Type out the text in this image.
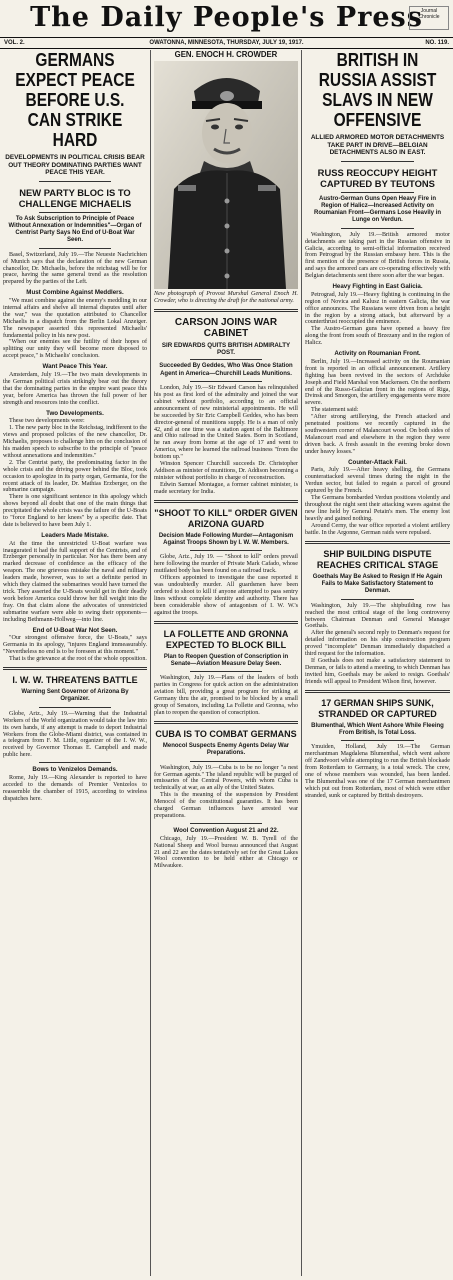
The Daily People's Press
Journal Chronicle
VOL. 2.	OWATONNA, MINNESOTA, THURSDAY, JULY 19, 1917.	NO. 119.
GERMANS EXPECT PEACE BEFORE U.S. CAN STRIKE HARD
DEVELOPMENTS IN POLITICAL CRISIS BEAR OUT THEORY DOMINATING PARTIES WANT PEACE THIS YEAR.
NEW PARTY BLOC IS TO CHALLENGE MICHAELIS
To Ask Subscription to Principle of Peace Without Annexation or Indemnities"—Organ of Centrist Party Says No End of U-Boat War Seen.

Basel, Switzerland, July 19.—The Neueste Nachrichten of Munich says that the declaration of the new German chancellor, Dr. Michaelis, before the reichstag will be for peace, having the same general trend as the resolution prepared by the parties of the Left.

Must Combine Against Meddlers.

"We must combine against the enemy's meddling in our internal affairs and shelve all internal disputes until after the war," was the quotation attributed to Chancellor Michaelis in a dispatch from the Berlin Lokal Anzeiger. The newspaper asserted this represented Michaelis' fundamental policy in his new post.

"When our enemies see the futility of their hopes of splitting our unity they will become more disposed to accept peace," is Michaelis' conclusion.

Want Peace This Year.

Amsterdam, July 19.—The two main developments in the German political crisis strikingly bear out the theory that the dominating parties in the empire want peace this year, before America has thrown the full power of her strength and resources into the conflict.

Two Developments.

These two developments were:

1. The new party bloc in the Reichstag, indifferent to the views and proposed policies of the new chancellor, Dr. Michaelis, proposes to challenge him on the conclusion of his maiden speech to subscribe to the principle of "peace without annexations and indemnities."

2. The Centrist party, the predominating factor in the whole crisis and the driving power behind the Bloc, took occasion to apologize in its party organ, Germania, for the recent attack of its leader, Dr. Mathias Erzberger, on the submarine campaign.

There is one significant sentence in this apology which shows beyond all doubt that one of the main things that precipitated the whole crisis was the failure of the U-Boats to "force England to her knees" by a specific date. That date is believed to have been July 1.

Leaders Made Mistake.

At the time the unrestricted U-Boat warfare was inaugurated it had the full support of the Centrists, and of Erzberger personally in particular. Nor has there been any marked decrease of confidence as the efficacy of the weapon. The one grievous mistake the naval and military leaders made, however, was to set a definite period in which they claimed the submarines would have turned the trick. They asserted the U-Boats would get in their deadly work before America could throw her full weight into the fray. On that claim alone the advocates of unrestricted submarine warfare were able to swing their opponents—including Bethmann-Hollweg—into line.

End of U-Boat War Not Seen.

"Our strongest offensive force, the U-Boats," says Germania in its apology, "injures England immeasurably. "Nevertheless no end is to be foreseen at this moment."

That is the grievance at the root of the whole opposition.

I. W. W. THREATENS BATTLE
Warning Sent Governor of Arizona By Organizer.

Globe, Ariz., July 19.—Warning that the Industrial Workers of the World organization would take the law into its own hands, if any attempt is made to deport Industrial Workers from the Globe-Miami district, was contained in a telegram from F. M. Little, organizer of the I. W. W., received by Governor Thomas E. Campbell and made public here.

Bows to Venizelos Demands.

Rome, July 19.—King Alexander is reported to have acceded to the demands of Premier Venizelos to reassemble the chamber of 1915, according to wireless dispatches here.

GEN. ENOCH H. CROWDER
New photograph of Provost Murshal General Enoch H. Crowder, who is directing the draft for the national army.
CARSON JOINS WAR CABINET
SIR EDWARDS QUITS BRITISH ADMIRALTY POST.
Succeeded By Geddes, Who Was Once Station Agent in America—Churchill Leads Munitions.

London, July 19.—Sir Edward Carson has relinquished his post as first lord of the admiralty and joined the war cabinet without portfolio, according to an official announcement of new ministerial appointments. He will be succeeded by Sir Eric Campbell Geddes, who has been director-general of munitions supply. He is a man of only 42, and at one time was a station agent of the Baltimore and Ohio railroad in the United States. Born in Scotland, he ran away from home at the age of 17 and went to America, where he learned the railroad business "from the bottom up."

Winston Spencer Churchill succeeds Dr. Christopher Addison as minister of munitions, Dr. Addison becoming a minister without portfolio in charge of reconstruction.

Edwin Samuel Montague, a former cabinet minister, is made secretary for India.

"SHOOT TO KILL" ORDER GIVEN ARIZONA GUARD
Decision Made Following Murder—Antagonism Against Troops Shown by I. W. W. Members.

Globe, Ariz., July 19. — "Shoot to kill" orders prevail here following the murder of Private Mark Cafado, whose mutilated body has been found on a railroad track.

Officers appointed to investigate the case reported it was undoubtedly murder. All guardsmen have been ordered to shoot to kill if anyone attempted to pass sentry lines without complete identity and authority. There has been considerable show of antagonism of I. W. W.'s against the troops.

LA FOLLETTE AND GRONNA EXPECTED TO BLOCK BILL
Plan to Reopen Question of Conscription in Senate—Aviation Measure Delay Seen.

Washington, July 19.—Plans of the leaders of both parties in Congress for quick action on the administration aviation bill, providing a great program for striking at Germany thru the air, promised to be blocked by a small group of Senators, including La Follette and Gronna, who plan to reopen the question of conscription.

CUBA IS TO COMBAT GERMANS
Menocol Suspects Enemy Agents Delay War Preparations.

Washington, July 19.—Cuba is to be no longer "a nest for German agents." The island republic will be purged of emissaries of the Central Powers, with whom Cuba is technically at war, as an ally of the United States.

This is the meaning of the suspension by President Menocol of the constitutional guaranties. It has been charged German influences have arrested war preparations.

Wool Convention August 21 and 22.

Chicago, July 19.—President W. B. Tyrell of the National Sheep and Wool bureau announced that August 21 and 22 are the dates tentatively set for the Great Lakes Wool convention to be held either at Chicago or Milwaukee.

BRITISH IN RUSSIA ASSIST SLAVS IN NEW OFFENSIVE
ALLIED ARMORED MOTOR DETACHMENTS TAKE PART IN DRIVE—BELGIAN DETACHMENTS ALSO IN EAST.
RUSS REOCCUPY HEIGHT CAPTURED BY TEUTONS
Austro-German Guns Open Heavy Fire in Region of Halicz—Increased Activity on Roumanian Front—Germans Lose Heavily in Lunge on Verdun.

Washington, July 19.—British armored motor detachments are taking part in the Russian offensive in Galicia, according to semi-official information received from Petrograd by the Russian embassy here. This is the first mention of the presence of British forces in Russia, and says the armored cars are co-operating effectively with Belgian detachments sent there soon after the war began.

Heavy Fighting in East Galicia.

Petrograd, July 19.—Heavy fighting is continuing in the region of Novica and Kalusz in eastern Galicia, the war office announces. The Russians were driven from a height in the region by a strong attack, but afterward by a counterthrust reoccupied the eminence.

The Austro-German guns have opened a heavy fire along the front from south of Brzezany and in the region of Halicz.

Activity on Roumanian Front.

Berlin, July 19.—Increased activity on the Roumanian front is reported in an official announcement. Artillery fighting has been revived in the sectors of Archduke Joseph and Field Marshal von Mackensen. On the northern end of the Russo-Galician front in the regions of Riga, Dvinsk and Smorgon, the artillery engagements were more severe.

The statement said:

"After strong artillerying, the French attacked and penetrated positions we recently captured in the southwestern corner of Malancourt wood. On both sides of Malancourt road and elsewhere in the region they were driven back. A fresh assault in the evening broke down under heavy losses."

Counter-Attack Fail.

Paris, July 19.—After heavy shelling, the Germans counterattacked several times during the night in the Verdun sector, but failed to regain a parcel of ground captured by the French.

The Germans bombarded Verdun positions violently and throughout the night sent their attacking waves against the new line held by General Petain's men. The enemy lost heavily and gained nothing.

Around Cerny, the war office reported a violent artillery battle. In the Argonne, German raids were repulsed.

SHIP BUILDING DISPUTE REACHES CRITICAL STAGE
Goethals May Be Asked to Resign If He Again Fails to Make Satisfactory Statement to Denman.

Washington, July 19.—The shipbuilding row has reached the most critical stage of the long controversy between Chairman Denman and General Manager Goethals.

After the general's second reply to Denman's request for detailed information on his ship construction program proved "incomplete" Denman immediately dispatched a third request for the information.

If Goethals does not make a satisfactory statement to Denman, or fails to attend a meeting, to which Denman has invited him, Goethals may be asked to resign. Goethals' friends will appeal to President Wilson first, however.

17 GERMAN SHIPS SUNK, STRANDED OR CAPTURED
Blumenthal, Which Went Ashore While Fleeing From British, Is Total Loss.

Ymuiden, Holland, July 19.—The German merchantman Magdalena Blumenthal, which went ashore off Zandvoort while attempting to run the British blockade from Rotterdam to Germany, is a total wreck. The crew, one of whose members was wounded, has been landed. The Blumenthal was one of the 17 German merchantmen which put out from Rotterdam, most of which were either stranded, sunk or captured by British destroyers.
